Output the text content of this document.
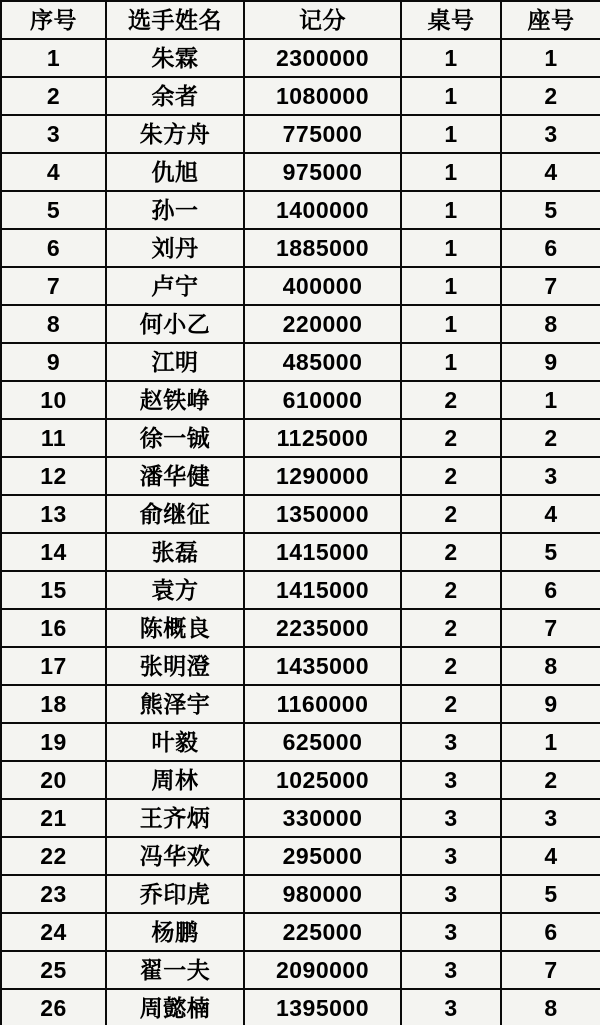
序号	选手姓名	记分	桌号	座号
1	朱霖	2300000	1	1
2	余者	1080000	1	2
3	朱方舟	775000	1	3
4	仇旭	975000	1	4
5	孙一	1400000	1	5
6	刘丹	1885000	1	6
7	卢宁	400000	1	7
8	何小乙	220000	1	8
9	江明	485000	1	9
10	赵铁峥	610000	2	1
11	徐一铖	1125000	2	2
12	潘华健	1290000	2	3
13	俞继征	1350000	2	4
14	张磊	1415000	2	5
15	袁方	1415000	2	6
16	陈概良	2235000	2	7
17	张明澄	1435000	2	8
18	熊泽宇	1160000	2	9
19	叶毅	625000	3	1
20	周林	1025000	3	2
21	王齐炳	330000	3	3
22	冯华欢	295000	3	4
23	乔印虎	980000	3	5
24	杨鹏	225000	3	6
25	翟一夫	2090000	3	7
26	周懿楠	1395000	3	8
